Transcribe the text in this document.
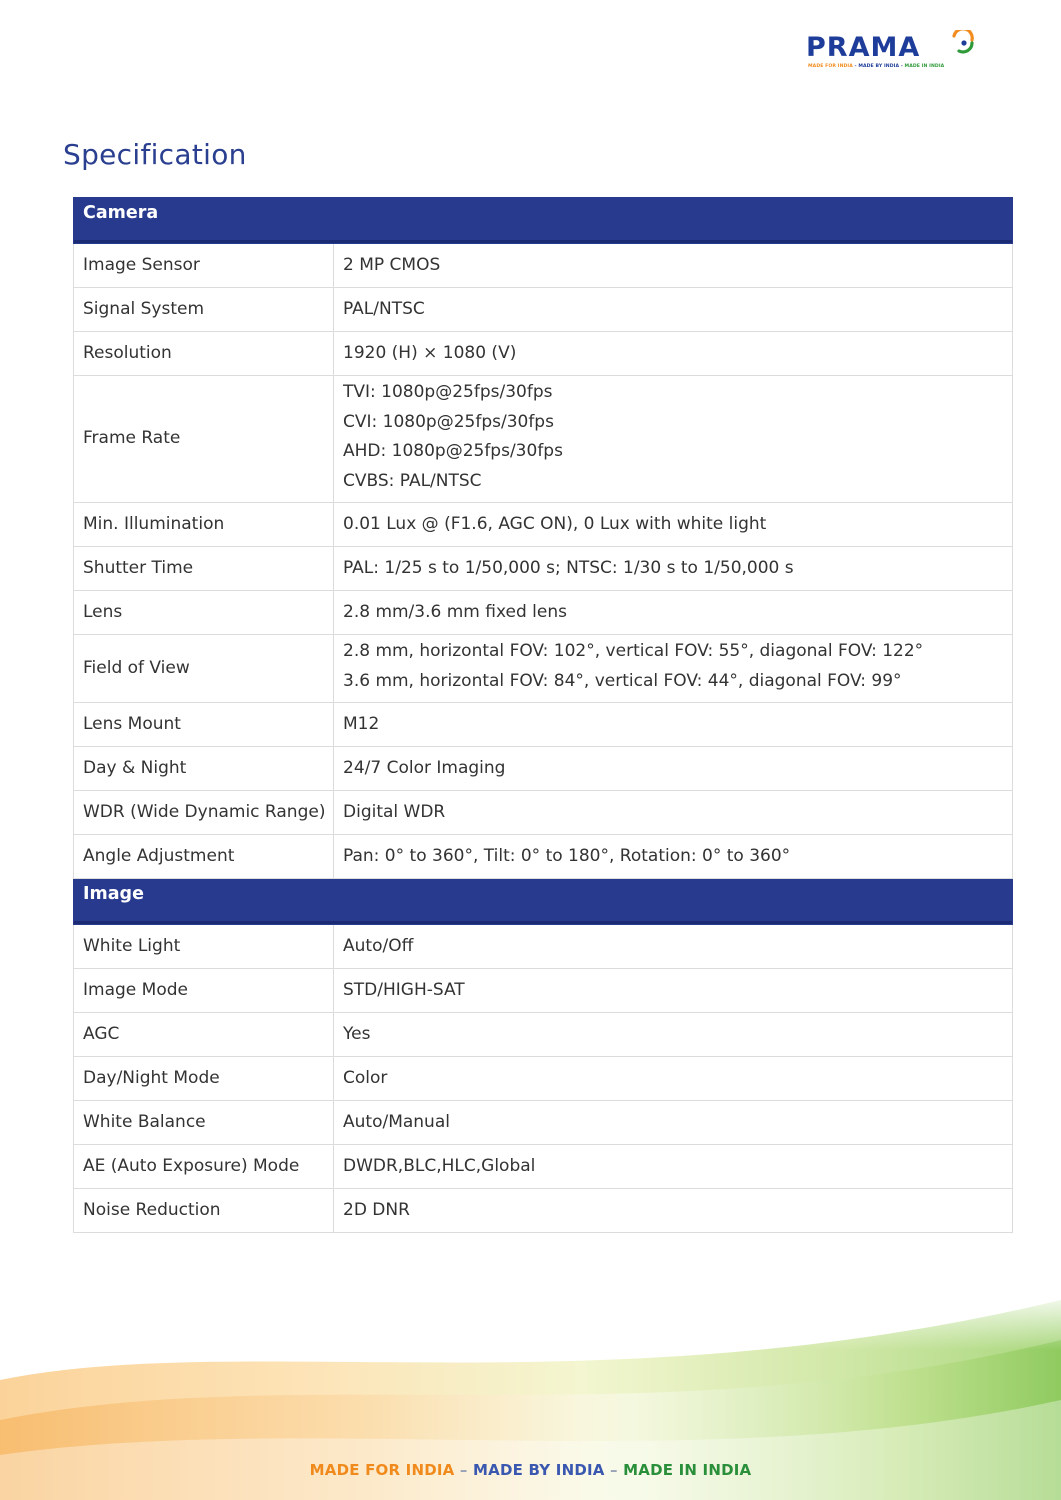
PRAMA
MADE FOR INDIA - MADE BY INDIA - MADE IN INDIA
Specification
Camera	
Image Sensor	2 MP CMOS

Signal System	PAL/NTSC

Resolution	1920 (H) × 1080 (V)

Frame Rate	TVI: 1080p@25fps/30fps
CVI: 1080p@25fps/30fps
AHD: 1080p@25fps/30fps
CVBS: PAL/NTSC

Min. Illumination	0.01 Lux @ (F1.6, AGC ON), 0 Lux with white light

Shutter Time	PAL: 1/25 s to 1/50,000 s; NTSC: 1/30 s to 1/50,000 s

Lens	2.8 mm/3.6 mm fixed lens

Field of View	2.8 mm, horizontal FOV: 102°, vertical FOV: 55°, diagonal FOV: 122°
3.6 mm, horizontal FOV: 84°, vertical FOV: 44°, diagonal FOV: 99°

Lens Mount	M12

Day & Night	24/7 Color Imaging

WDR (Wide Dynamic Range)	Digital WDR

Angle Adjustment	Pan: 0° to 360°, Tilt: 0° to 180°, Rotation: 0° to 360°

Image	
White Light	Auto/Off

Image Mode	STD/HIGH-SAT

AGC	Yes

Day/Night Mode	Color

White Balance	Auto/Manual

AE (Auto Exposure) Mode	DWDR,BLC,HLC,Global

Noise Reduction	2D DNR
MADE FOR INDIA – MADE BY INDIA – MADE IN INDIA
